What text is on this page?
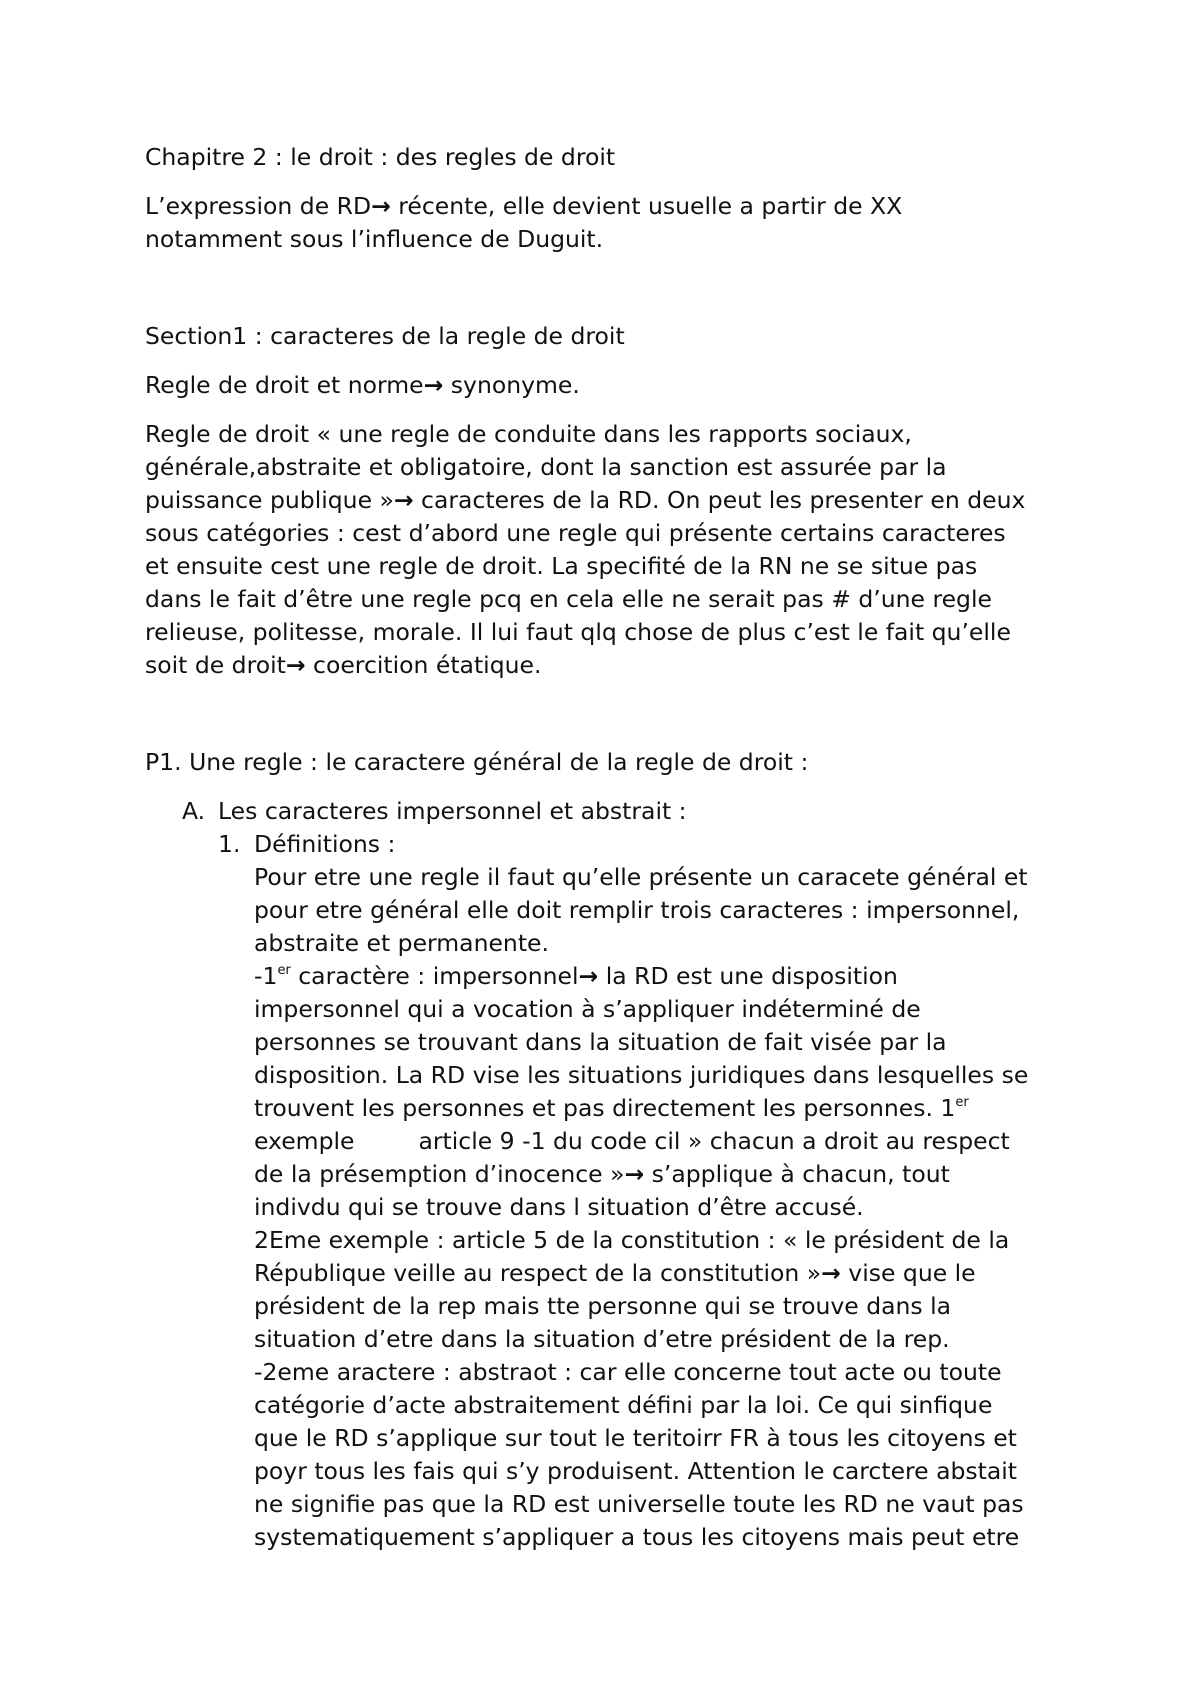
Chapitre 2 : le droit : des regles de droit
L’expression de RD→ récente, elle devient usuelle a partir de XX
notamment sous l’influence de Duguit.
Section1 : caracteres de la regle de droit
Regle de droit et norme→ synonyme.
Regle de droit « une regle de conduite dans les rapports sociaux,
générale,abstraite et obligatoire, dont la sanction est assurée par la
puissance publique »→ caracteres de la RD. On peut les presenter en deux
sous catégories : cest d’abord une regle qui présente certains caracteres
et ensuite cest une regle de droit. La specifité de la RN ne se situe pas
dans le fait d’être une regle pcq en cela elle ne serait pas # d’une regle
relieuse, politesse, morale. Il lui faut qlq chose de plus c’est le fait qu’elle
soit de droit→ coercition étatique.
P1. Une regle : le caractere général de la regle de droit :
A. Les caracteres impersonnel et abstrait :
1. Définitions :
Pour etre une regle il faut qu’elle présente un caracete général et
pour etre général elle doit remplir trois caracteres : impersonnel,
abstraite et permanente.
-1er caractère : impersonnel→ la RD est une disposition
impersonnel qui a vocation à s’appliquer indéterminé de
personnes se trouvant dans la situation de fait visée par la
disposition. La RD vise les situations juridiques dans lesquelles se
trouvent les personnes et pas directement les personnes. 1er
exemple	article 9 -1 du code cil » chacun a droit au respect
de la présemption d’inocence »→ s’applique à chacun, tout
indivdu qui se trouve dans l situation d’être accusé.
2Eme exemple : article 5 de la constitution : « le président de la
République veille au respect de la constitution »→ vise que le
président de la rep mais tte personne qui se trouve dans la
situation d’etre dans la situation d’etre président de la rep.
-2eme aractere : abstraot : car elle concerne tout acte ou toute
catégorie d’acte abstraitement défini par la loi. Ce qui sinfique
que le RD s’applique sur tout le teritoirr FR à tous les citoyens et
poyr tous les fais qui s’y produisent. Attention le carctere abstait
ne signifie pas que la RD est universelle toute les RD ne vaut pas
systematiquement s’appliquer a tous les citoyens mais peut etre
